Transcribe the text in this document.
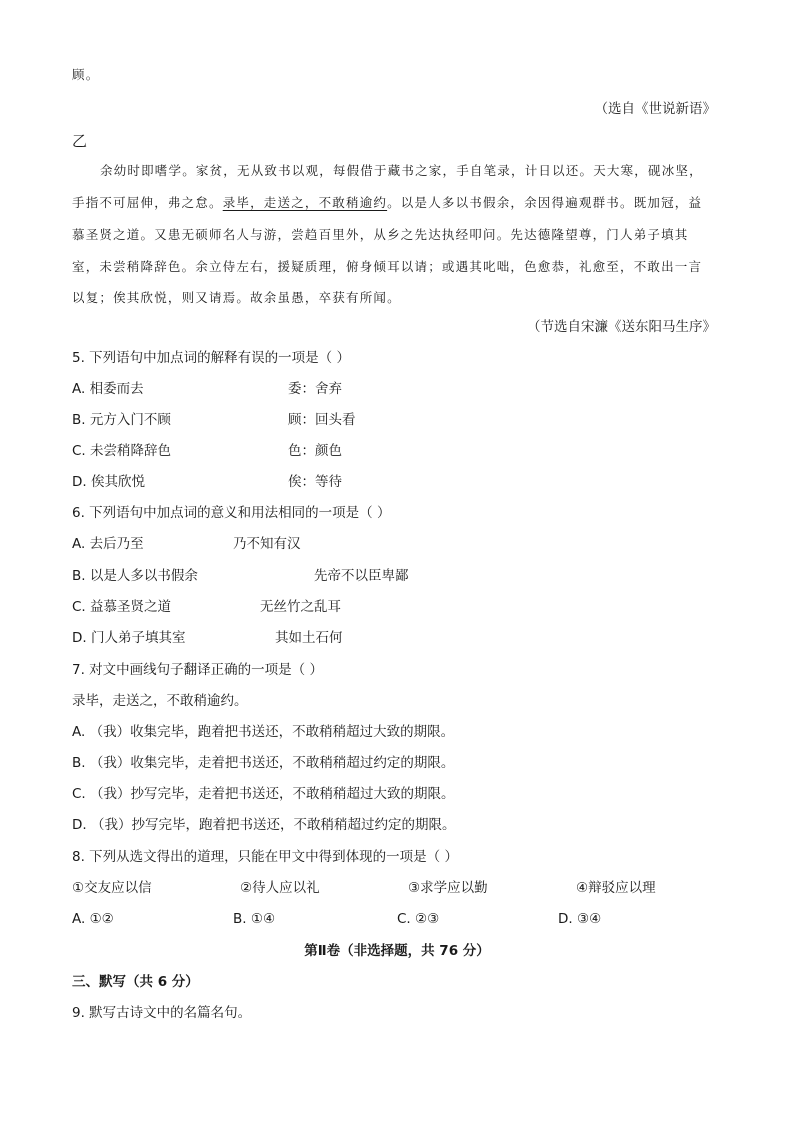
顾。
（选自《世说新语》
乙
余幼时即嗜学。家贫，无从致书以观，每假借于藏书之家，手自笔录，计日以还。天大寒，砚冰坚，
手指不可屈伸，弗之怠。录毕，走送之，不敢稍逾约。以是人多以书假余，余因得遍观群书。既加冠，益
慕圣贤之道。又患无硕师名人与游，尝趋百里外，从乡之先达执经叩问。先达德隆望尊，门人弟子填其
室，未尝稍降辞色。余立侍左右，援疑质理，俯身倾耳以请；或遇其叱咄，色愈恭，礼愈至，不敢出一言
以复；俟其欣悦，则又请焉。故余虽愚，卒获有所闻。
（节选自宋濂《送东阳马生序》
5. 下列语句中加点词的解释有误的一项是（ ）
A. 相委而去	委：舍弃
B. 元方入门不顾	顾：回头看
C. 未尝稍降辞色	色：颜色
D. 俟其欣悦	俟：等待
6. 下列语句中加点词的意义和用法相同的一项是（ ）
A. 去后乃至	乃不知有汉
B. 以是人多以书假余	先帝不以臣卑鄙
C. 益慕圣贤之道	无丝竹之乱耳
D. 门人弟子填其室	其如土石何
7. 对文中画线句子翻译正确的一项是（ ）
录毕，走送之，不敢稍逾约。
A. （我）收集完毕，跑着把书送还，不敢稍稍超过大致的期限。
B. （我）收集完毕，走着把书送还，不敢稍稍超过约定的期限。
C. （我）抄写完毕，走着把书送还，不敢稍稍超过大致的期限。
D. （我）抄写完毕，跑着把书送还，不敢稍稍超过约定的期限。
8. 下列从选文得出的道理，只能在甲文中得到体现的一项是（ ）
①交友应以信	②待人应以礼	③求学应以勤	④辩驳应以理
A. ①②	B. ①④	C. ②③	D. ③④
第Ⅱ卷（非选择题，共 76 分）
三、默写（共 6 分）
9. 默写古诗文中的名篇名句。
